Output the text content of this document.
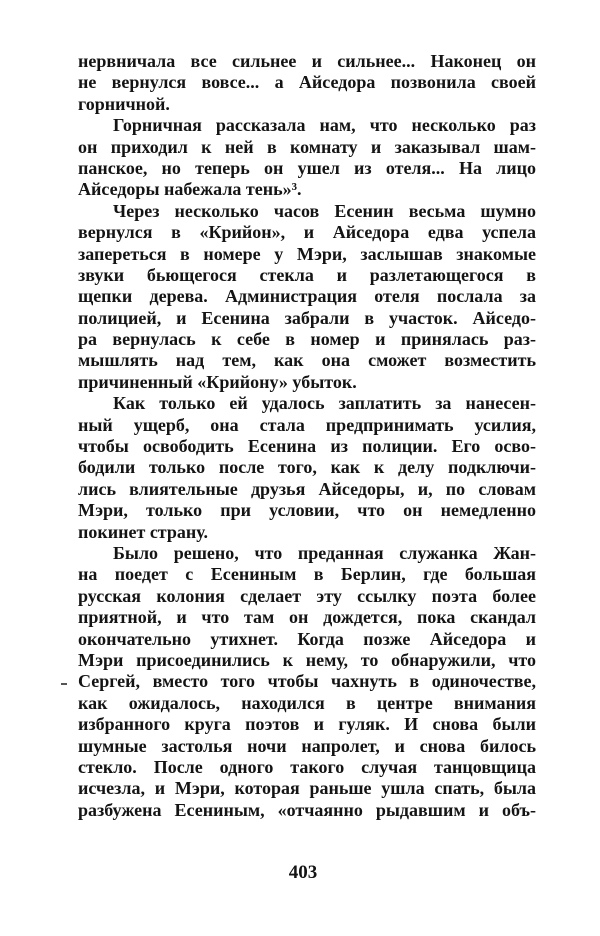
нервничала все сильнее и сильнее... Наконец он
не вернулся вовсе... а Айседора позвонила своей
горничной.
Горничная рассказала нам, что несколько раз
он приходил к ней в комнату и заказывал шам-
панское, но теперь он ушел из отеля... На лицо
Айседоры набежала тень»³.
Через несколько часов Есенин весьма шумно
вернулся в «Крийон», и Айседора едва успела
запереться в номере у Мэри, заслышав знакомые
звуки бьющегося стекла и разлетающегося в
щепки дерева. Администрация отеля послала за
полицией, и Есенина забрали в участок. Айседо-
ра вернулась к себе в номер и принялась раз-
мышлять над тем, как она сможет возместить
причиненный «Крийону» убыток.
Как только ей удалось заплатить за нанесен-
ный ущерб, она стала предпринимать усилия,
чтобы освободить Есенина из полиции. Его осво-
бодили только после того, как к делу подключи-
лись влиятельные друзья Айседоры, и, по словам
Мэри, только при условии, что он немедленно
покинет страну.
Было решено, что преданная служанка Жан-
на поедет с Есениным в Берлин, где большая
русская колония сделает эту ссылку поэта более
приятной, и что там он дождется, пока скандал
окончательно утихнет. Когда позже Айседора и
Мэри присоединились к нему, то обнаружили, что
Сергей, вместо того чтобы чахнуть в одиночестве,
как ожидалось, находился в центре внимания
избранного круга поэтов и гуляк. И снова были
шумные застолья ночи напролет, и снова билось
стекло. После одного такого случая танцовщица
исчезла, и Мэри, которая раньше ушла спать, была
разбужена Есениным, «отчаянно рыдавшим и объ-
403
